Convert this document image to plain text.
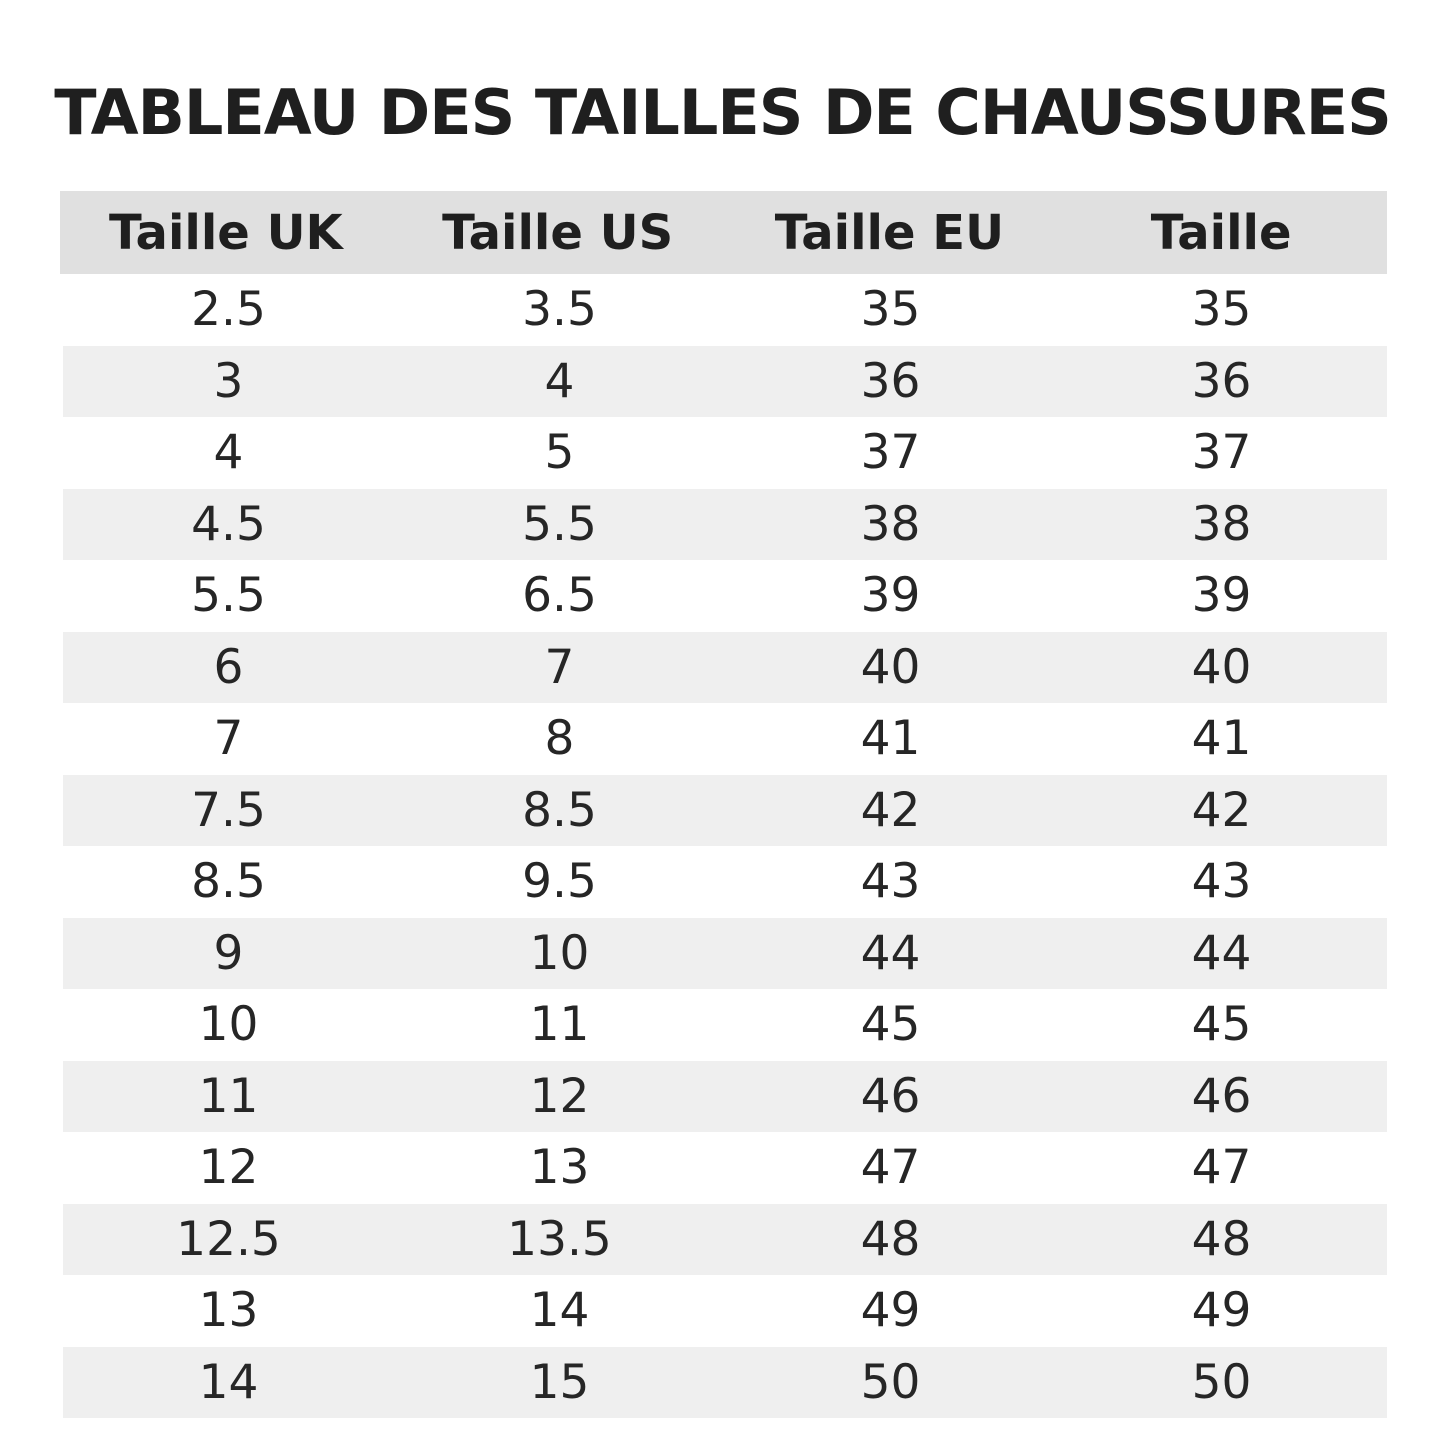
TABLEAU DES TAILLES DE CHAUSSURES
Taille UK	Taille US	Taille EU	Taille
2.5	3.5	35	35
3	4	36	36
4	5	37	37
4.5	5.5	38	38
5.5	6.5	39	39
6	7	40	40
7	8	41	41
7.5	8.5	42	42
8.5	9.5	43	43
9	10	44	44
10	11	45	45
11	12	46	46
12	13	47	47
12.5	13.5	48	48
13	14	49	49
14	15	50	50
